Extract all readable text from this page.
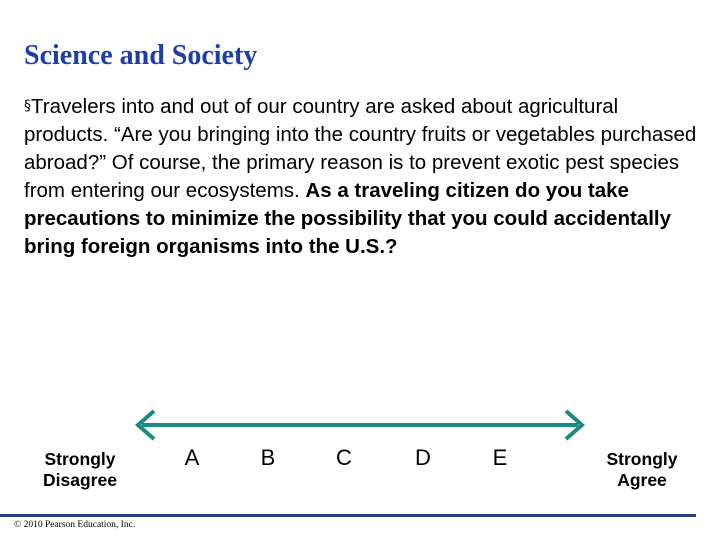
Science and Society
§Travelers into and out of our country are asked about agricultural products. “Are you bringing into the country fruits or vegetables purchased abroad?” Of course, the primary reason is to prevent exotic pest species from entering our ecosystems. As a traveling citizen do you take precautions to minimize the possibility that you could accidentally bring foreign organisms into the U.S.?
Strongly
Disagree
A	B	C	D	E	Strongly
Agree
© 2010 Pearson Education, Inc.
